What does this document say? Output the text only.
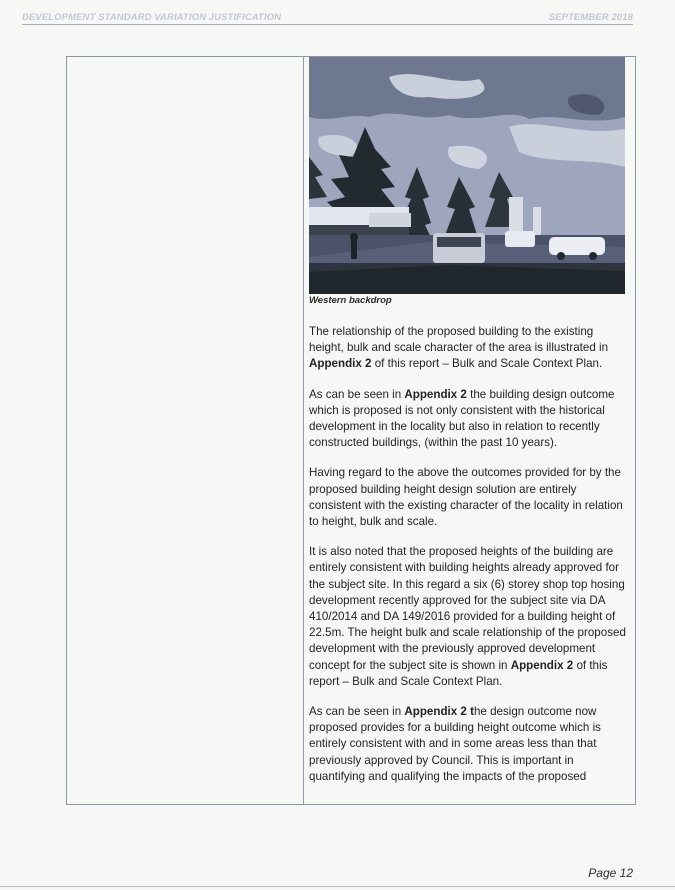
DEVELOPMENT STANDARD VARIATION JUSTIFICATION	SEPTEMBER 2018
Western backdrop

The relationship of the proposed building to the existing height, bulk and scale character of the area is illustrated in Appendix 2 of this report – Bulk and Scale Context Plan.

As can be seen in Appendix 2 the building design outcome which is proposed is not only consistent with the historical development in the locality but also in relation to recently constructed buildings, (within the past 10 years).

Having regard to the above the outcomes provided for by the proposed building height design solution are entirely consistent with the existing character of the locality in relation to height, bulk and scale.

It is also noted that the proposed heights of the building are entirely consistent with building heights already approved for the subject site. In this regard a six (6) storey shop top hosing development recently approved for the subject site via DA 410/2014 and DA 149/2016 provided for a building height of 22.5m. The height bulk and scale relationship of the proposed development with the previously approved development concept for the subject site is shown in Appendix 2 of this report – Bulk and Scale Context Plan.

As can be seen in Appendix 2 the design outcome now proposed provides for a building height outcome which is entirely consistent with and in some areas less than that previously approved by Council. This is important in quantifying and qualifying the impacts of the proposed

Page 12
